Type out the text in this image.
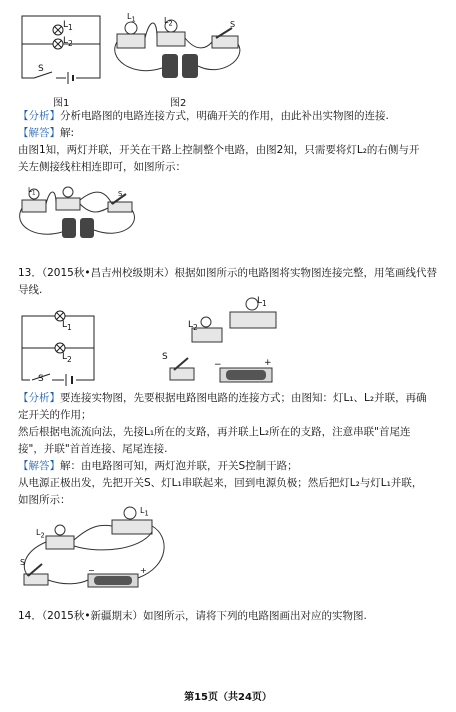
$L_1$
$L_2$
S
$L_1$	$L_2$	S
图1	图2
【分析】分析电路图的电路连接方式，明确开关的作用，由此补出实物图的连接.
【解答】解:
由图1知，两灯并联，开关在干路上控制整个电路，由图2知，只需要将灯L₂的右侧与开
关左侧接线柱相连即可，如图所示：
$L_1$	S
13．（2015秋•昌吉州校级期末）根据如图所示的电路图将实物图连接完整，用笔画线代替
导线.
$L_1$
$L_2$
S
$L_1$
$L_2$
S
−	+
【分析】要连接实物图，先要根据电路图电路的连接方式；由图知：灯L₁、L₂并联，再确
定开关的作用；
然后根据电流流向法，先接L₁所在的支路，再并联上L₂所在的支路，注意串联"首尾连
接"，并联"首首连接、尾尾连接.
【解答】解：由电路图可知，两灯泡并联，开关S控制干路；
从电源正极出发，先把开关S、灯L₁串联起来，回到电源负极；然后把灯L₂与灯L₁并联，
如图所示：
$L_1$
$L_2$
S
−	+
14．（2015秋•新疆期末）如图所示，请将下列的电路图画出对应的实物图.
第15页（共24页）
